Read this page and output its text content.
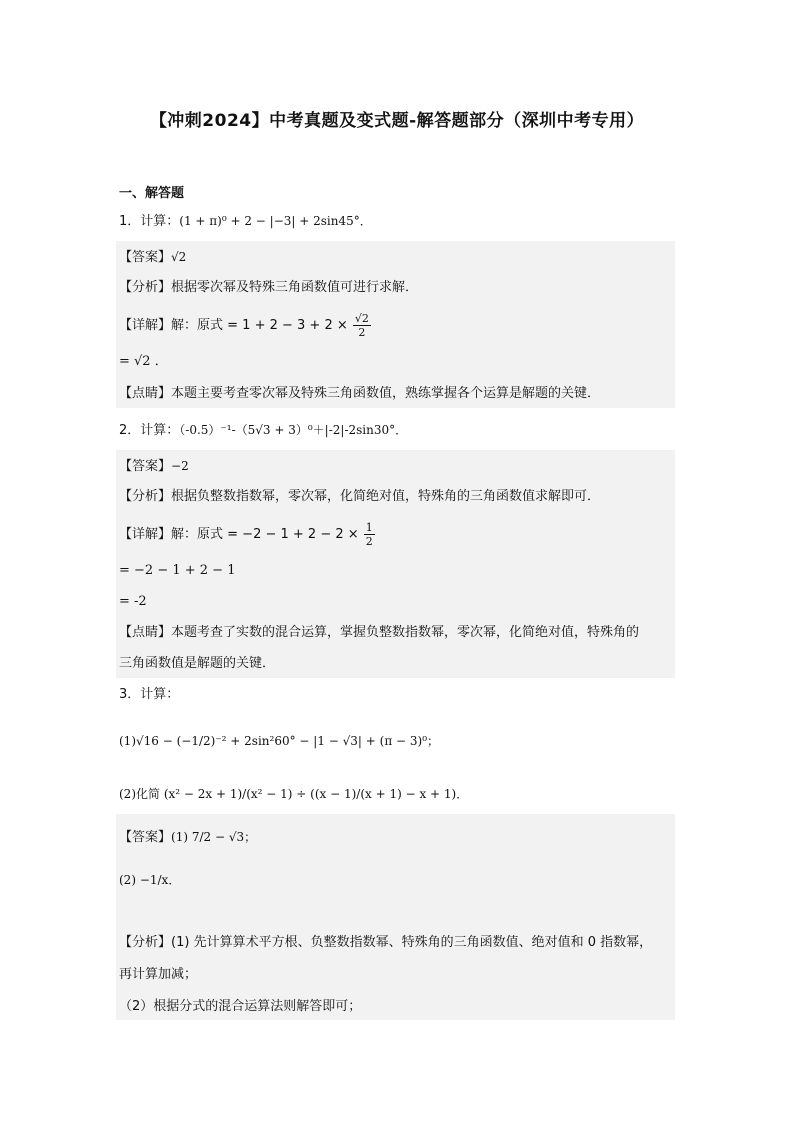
【冲刺2024】中考真题及变式题-解答题部分（深圳中考专用）
一、解答题
1．计算：(1 + π)⁰ + 2 − |−3| + 2sin45°．
【答案】√2
【分析】根据零次幂及特殊三角函数值可进行求解．
【详解】解：原式 = $1 + 2 - 3 + 2 \times \frac{√2}{2}$
= √2 ．
【点睛】本题主要考查零次幂及特殊三角函数值，熟练掌握各个运算是解题的关键．
2．计算：（-0.5）⁻¹-（5√3 + 3）⁰＋|-2|-2sin30°．
【答案】−2
【分析】根据负整数指数幂，零次幂，化简绝对值，特殊角的三角函数值求解即可．
【详解】解：原式 = $-2 - 1 + 2 - 2 \times \frac{1}{2}$
= −2 − 1 + 2 − 1
= -2
【点睛】本题考查了实数的混合运算，掌握负整数指数幂，零次幂，化简绝对值，特殊角的
三角函数值是解题的关键．
3．计算：
(1)√16 − (−1/2)⁻² + 2sin²60° − |1 − √3| + (π − 3)⁰；
(2)化简 (x² − 2x + 1)/(x² − 1) ÷ ((x − 1)/(x + 1) − x + 1)．
【答案】(1) 7/2 − √3；
(2) −1/x．
【分析】(1) 先计算算术平方根、负整数指数幂、特殊角的三角函数值、绝对值和 0 指数幂，
再计算加减；
（2）根据分式的混合运算法则解答即可；
